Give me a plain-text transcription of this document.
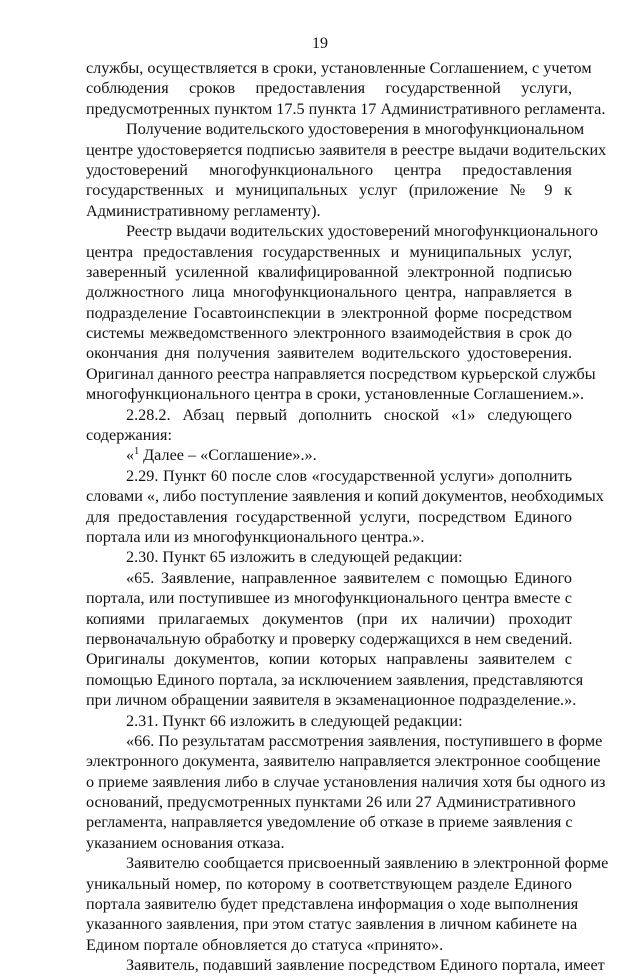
19
службы, осуществляется в сроки, установленные Соглашением, с учетом
соблюдения сроков предоставления государственной услуги,
предусмотренных пунктом 17.5 пункта 17 Административного регламента.
Получение водительского удостоверения в многофункциональном
центре удостоверяется подписью заявителя в реестре выдачи водительских
удостоверений многофункционального центра предоставления
государственных и муниципальных услуг (приложение № 9 к
Административному регламенту).
Реестр выдачи водительских удостоверений многофункционального
центра предоставления государственных и муниципальных услуг,
заверенный усиленной квалифицированной электронной подписью
должностного лица многофункционального центра, направляется в
подразделение Госавтоинспекции в электронной форме посредством
системы межведомственного электронного взаимодействия в срок до
окончания дня получения заявителем водительского удостоверения.
Оригинал данного реестра направляется посредством курьерской службы
многофункционального центра в сроки, установленные Соглашением.».
2.28.2. Абзац первый дополнить сноской «1» следующего
содержания:
«$^1$ Далее – «Соглашение».».
2.29. Пункт 60 после слов «государственной услуги» дополнить
словами «, либо поступление заявления и копий документов, необходимых
для предоставления государственной услуги, посредством Единого
портала или из многофункционального центра.».
2.30. Пункт 65 изложить в следующей редакции:
«65. Заявление, направленное заявителем с помощью Единого
портала, или поступившее из многофункционального центра вместе с
копиями прилагаемых документов (при их наличии) проходит
первоначальную обработку и проверку содержащихся в нем сведений.
Оригиналы документов, копии которых направлены заявителем с
помощью Единого портала, за исключением заявления, представляются
при личном обращении заявителя в экзаменационное подразделение.».
2.31. Пункт 66 изложить в следующей редакции:
«66. По результатам рассмотрения заявления, поступившего в форме
электронного документа, заявителю направляется электронное сообщение
о приеме заявления либо в случае установления наличия хотя бы одного из
оснований, предусмотренных пунктами 26 или 27 Административного
регламента, направляется уведомление об отказе в приеме заявления с
указанием основания отказа.
Заявителю сообщается присвоенный заявлению в электронной форме
уникальный номер, по которому в соответствующем разделе Единого
портала заявителю будет представлена информация о ходе выполнения
указанного заявления, при этом статус заявления в личном кабинете на
Едином портале обновляется до статуса «принято».
Заявитель, подавший заявление посредством Единого портала, имеет
